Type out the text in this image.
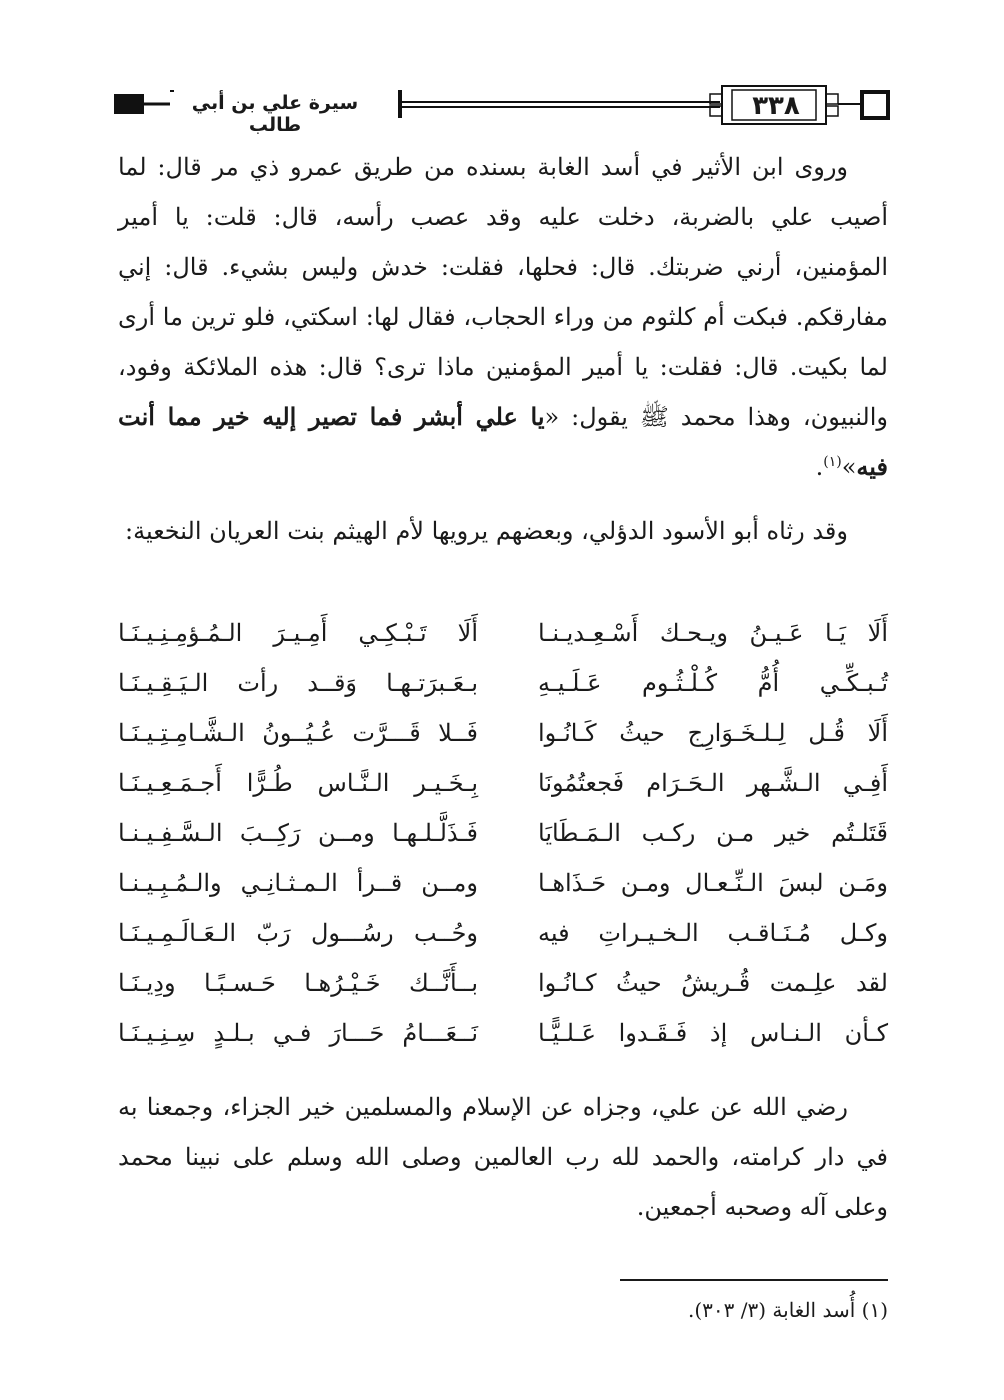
سيرة علي بن أبي طالب
٣٣٨
وروى ابن الأثير في أسد الغابة بسنده من طريق عمرو ذي مر قال: لما أصيب علي بالضربة، دخلت عليه وقد عصب رأسه، قال: قلت: يا أمير المؤمنين، أرني ضربتك. قال: فحلها، فقلت: خدش وليس بشيء. قال: إني مفارقكم. فبكت أم كلثوم من وراء الحجاب، فقال لها: اسكتي، فلو ترين ما أرى لما بكيت. قال: فقلت: يا أمير المؤمنين ماذا ترى؟ قال: هذه الملائكة وفود، والنبيون، وهذا محمد ﷺ يقول: «يا علي أبشر فما تصير إليه خير مما أنت فيه»$^{(١)}$.
وقد رثاه أبو الأسود الدؤلي، وبعضهم يرويها لأم الهيثم بنت العريان النخعية:
أَلَا يَـا عَـيـنُ ويـحـك أَسْـعِـديـنـا
أَلَا تَـبْـكِـي أَمِـيـرَ الـمُـؤمِـنِـيـنَـا
تُـبـكِّـي أُمُّ كُـلْـثُـوم عَـلَـيـهِ
بـعَـبرَتـهـا وَقــد رأت الـيَـقِـيـنَـا
أَلَا قُـل لِـلـخَـوَارِج حيثُ كَـانُـوا
فَــلا قَـــرَّت عُـيُــونُ الـشَّـامِـتِـيـنَـا
أَفِـي الـشَّـهر الـحَـرَام فَجعتُمُونَا
بِـخَـيـر الـنَّـاس طُـرًّا أَجـمَـعِـيـنَـا
قَتَلـتُم خير مـن ركـب الـمَـطَايَا
فَـذَلَّـلـهـا ومــن رَكِــبَ الـسَّـفِـيـنـا
ومَـن لبسَ الـنِّـعـال ومـن حَـذَاهـا
ومــن قــرأ الـمـثـانِـي والـمُـبِـيـنـا
وكـل مُـنَـاقـب الـخـيـراتِ فيه
وحُــب رسُـــول رَبّ الـعَـالَـمِـيـنَـا
لقد علِـمت قُـريشُ حيثُ كـانُـوا
بــأَنَّــك خَـيْـرُهـا حَـسـبًـا ودِيـنَـا
كـأن الـنـاس إذ فَـقَـدوا عَـلـيًّـا
نَــعَـــامُ حَـــارَ فـي بـلـدٍ سِـنِـيـنَـا
رضي الله عن علي، وجزاه عن الإسلام والمسلمين خير الجزاء، وجمعنا به في دار كرامته، والحمد لله رب العالمين وصلى الله وسلم على نبينا محمد وعلى آله وصحبه أجمعين.
(١) أُسد الغابة (٣/ ٣٠٣).
